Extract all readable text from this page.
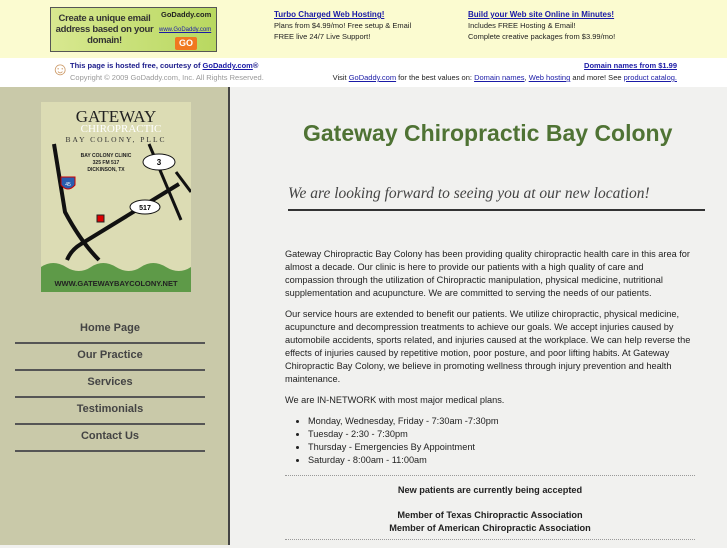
Create a unique email address based on your domain!
GoDaddy.com
www.GoDaddy.com
GO
Turbo Charged Web Hosting!
Plans from $4.99/mo! Free setup & Email
FREE live 24/7 Live Support!
Build your Web site Online in Minutes!
Includes FREE Hosting & Email!
Complete creative packages from $3.99/mo!
☺ This page is hosted free, courtesy of GoDaddy.com®
Copyright © 2009 GoDaddy.com, Inc. All Rights Reserved.
Domain names from $1.99
Visit GoDaddy.com for the best values on: Domain names, Web hosting and more! See product catalog.
GATEWAY
CHIROPRACTIC
BAY COLONY, PLLC
BAY COLONY CLINIC
325 FM 517
DICKINSON, TX
3
517
45
WWW.GATEWAYBAYCOLONY.NET
Home Page
Our Practice
Services
Testimonials
Contact Us
Gateway Chiropractic Bay Colony
We are looking forward to seeing you at our new location!

Gateway Chiropractic Bay Colony has been providing quality chiropractic health care in this area for almost a decade. Our clinic is here to provide our patients with a high quality of care and compassion through the utilization of Chiropractic manipulation, physical medicine, nutritional supplementation and acupuncture. We are committed to serving the needs of our patients.

Our service hours are extended to benefit our patients. We utilize chiropractic, physical medicine, acupuncture and decompression treatments to achieve our goals. We accept injuries caused by automobile accidents, sports related, and injuries caused at the workplace. We can help reverse the effects of injuries caused by repetitive motion, poor posture, and poor lifting habits. At Gateway Chiropractic Bay Colony, we believe in promoting wellness through injury prevention and health maintenance.

We are IN-NETWORK with most major medical plans.

• Monday, Wednesday, Friday - 7:30am -7:30pm
• Tuesday - 2:30 - 7:30pm
• Thursday - Emergencies By Appointment
• Saturday - 8:00am - 11:00am

New patients are currently being accepted

Member of Texas Chiropractic Association
Member of American Chiropractic Association
